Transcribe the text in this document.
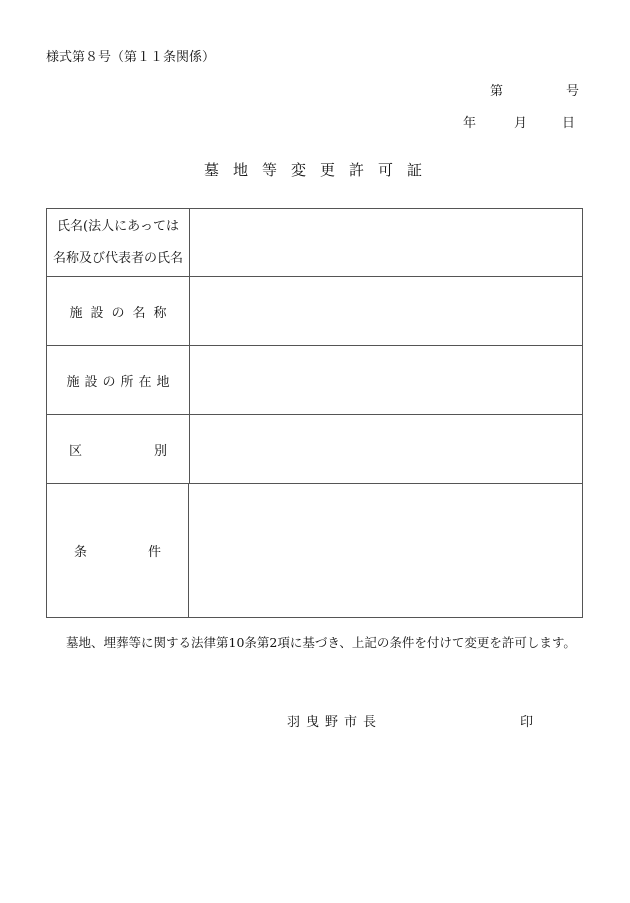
様式第８号（第１１条関係）
第	号
年	月	日
墓地等変更許可証
氏名(法人にあっては
名称及び代表者の氏名
施設の名称
施設の所在地
区	別
条	件
墓地、埋葬等に関する法律第10条第2項に基づき、上記の条件を付けて変更を許可します。
羽曳野市長	印
